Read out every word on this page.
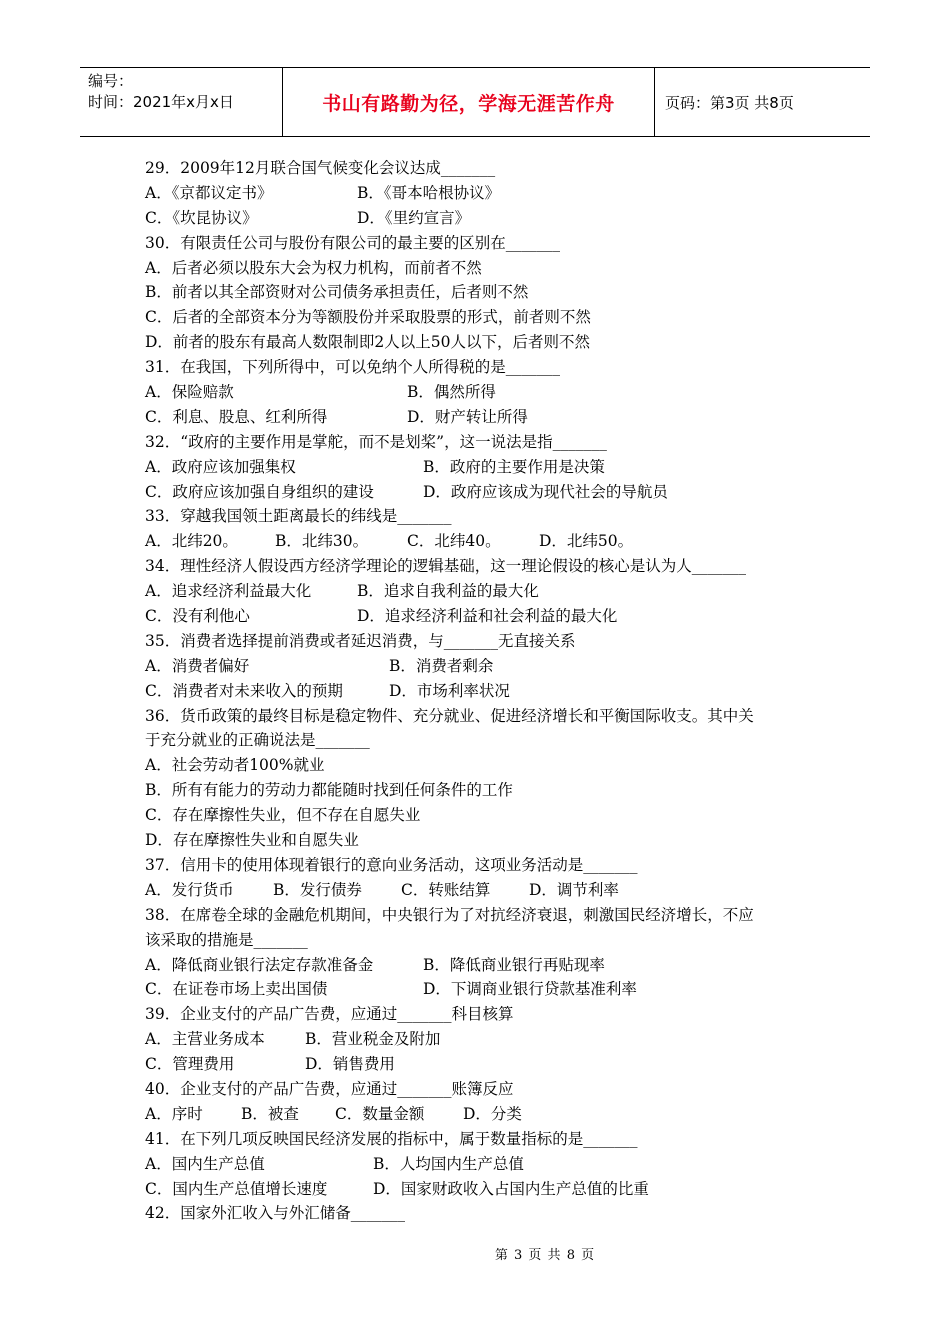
编号：
时间：2021年x月x日	书山有路勤为径，学海无涯苦作舟	页码：第3页 共8页
29．2009年12月联合国气候变化会议达成_______
A．《京都议定书》	B．《哥本哈根协议》
C．《坎昆协议》	D．《里约宣言》
30．有限责任公司与股份有限公司的最主要的区别在_______
A．后者必须以股东大会为权力机构，而前者不然
B．前者以其全部资财对公司债务承担责任，后者则不然
C．后者的全部资本分为等额股份并采取股票的形式，前者则不然
D．前者的股东有最高人数限制即2人以上50人以下，后者则不然
31．在我国，下列所得中，可以免纳个人所得税的是_______
A．保险赔款	B．偶然所得
C．利息、股息、红利所得	D．财产转让所得
32．“政府的主要作用是掌舵，而不是划桨”，这一说法是指_______
A．政府应该加强集权	B．政府的主要作用是决策
C．政府应该加强自身组织的建设	D．政府应该成为现代社会的导航员
33．穿越我国领土距离最长的纬线是_______
A．北纬20。 B．北纬30。	C．北纬40。 D．北纬50。
34．理性经济人假设西方经济学理论的逻辑基础，这一理论假设的核心是认为人_______
A．追求经济利益最大化	B．追求自我利益的最大化
C．没有利他心	D．追求经济利益和社会利益的最大化
35．消费者选择提前消费或者延迟消费，与_______无直接关系
A．消费者偏好	B．消费者剩余
C．消费者对未来收入的预期	D．市场利率状况
36．货币政策的最终目标是稳定物件、充分就业、促进经济增长和平衡国际收支。其中关
于充分就业的正确说法是_______
A．社会劳动者100%就业
B．所有有能力的劳动力都能随时找到任何条件的工作
C．存在摩擦性失业，但不存在自愿失业
D．存在摩擦性失业和自愿失业
37．信用卡的使用体现着银行的意向业务活动，这项业务活动是_______
A．发行货币	B．发行债券	C．转账结算 D．调节利率
38．在席卷全球的金融危机期间，中央银行为了对抗经济衰退，刺激国民经济增长，不应
该采取的措施是_______
A．降低商业银行法定存款准备金	B．降低商业银行再贴现率
C．在证卷市场上卖出国债	D．下调商业银行贷款基准利率
39．企业支付的产品广告费，应通过_______科目核算
A．主营业务成本	B．营业税金及附加
C．管理费用	D．销售费用
40．企业支付的产品广告费，应通过_______账簿反应
A．序时 B．被查 C．数量金额 D．分类
41．在下列几项反映国民经济发展的指标中，属于数量指标的是_______
A．国内生产总值	B．人均国内生产总值
C．国内生产总值增长速度	D．国家财政收入占国内生产总值的比重
42．国家外汇收入与外汇储备_______
第 3 页 共 8 页
